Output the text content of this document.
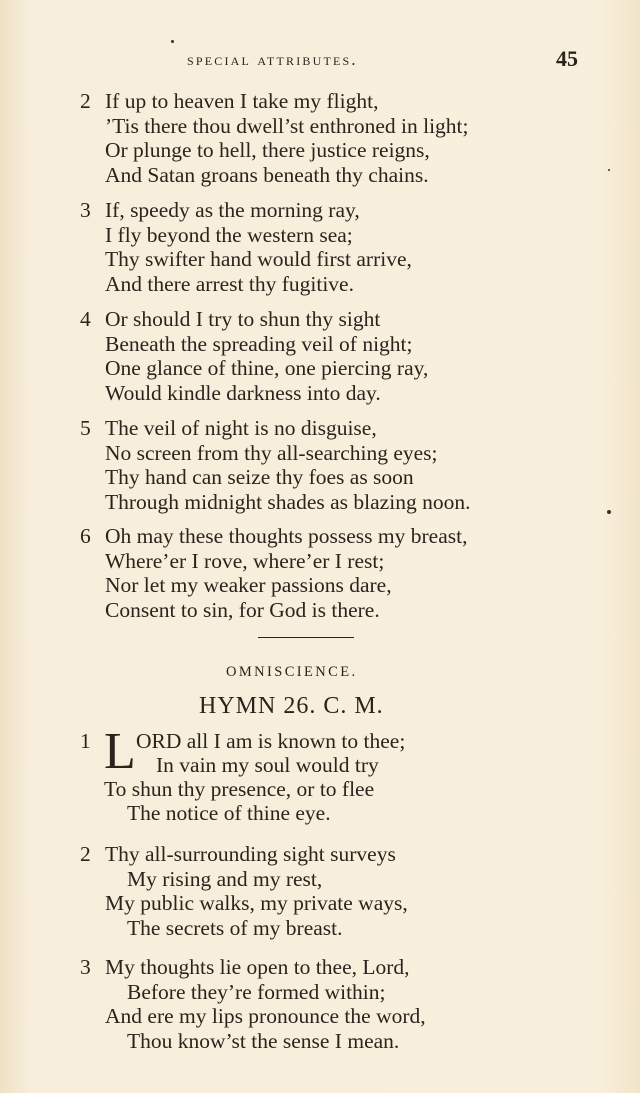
special attributes.	45
2 If up to heaven I take my flight,
’Tis there thou dwell’st enthroned in light;
Or plunge to hell, there justice reigns,
And Satan groans beneath thy chains.
3 If, speedy as the morning ray,
I fly beyond the western sea;
Thy swifter hand would first arrive,
And there arrest thy fugitive.
4 Or should I try to shun thy sight
Beneath the spreading veil of night;
One glance of thine, one piercing ray,
Would kindle darkness into day.
5 The veil of night is no disguise,
No screen from thy all-searching eyes;
Thy hand can seize thy foes as soon
Through midnight shades as blazing noon.
6 Oh may these thoughts possess my breast,
Where’er I rove, where’er I rest;
Nor let my weaker passions dare,
Consent to sin, for God is there.
OMNISCIENCE.
HYMN 26. C. M.
1 L ORD all I am is known to thee;
In vain my soul would try
To shun thy presence, or to flee
The notice of thine eye.
2 Thy all-surrounding sight surveys
My rising and my rest,
My public walks, my private ways,
The secrets of my breast.
3 My thoughts lie open to thee, Lord,
Before they’re formed within;
And ere my lips pronounce the word,
Thou know’st the sense I mean.
